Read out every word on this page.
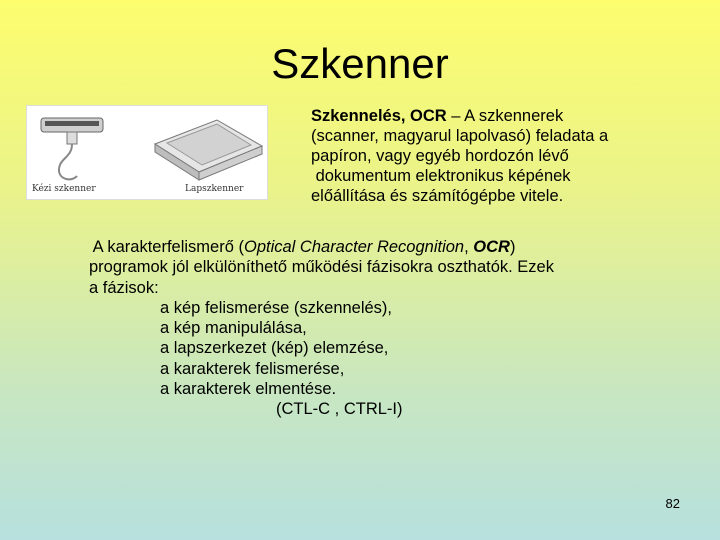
Szkenner
Kézi szkenner	Lapszkenner
Szkennelés, OCR – A szkennerek
(scanner, magyarul lapolvasó) feladata a
papíron, vagy egyéb hordozón lévő
dokumentum elektronikus képének
előállítása és számítógépbe vitele.
A karakterfelismerő (Optical Character Recognition, OCR)
programok jól elkülöníthető működési fázisokra oszthatók. Ezek
a fázisok:
a kép felismerése (szkennelés),
a kép manipulálása,
a lapszerkezet (kép) elemzése,
a karakterek felismerése,
a karakterek elmentése.
(CTL-C , CTRL-I)
82
